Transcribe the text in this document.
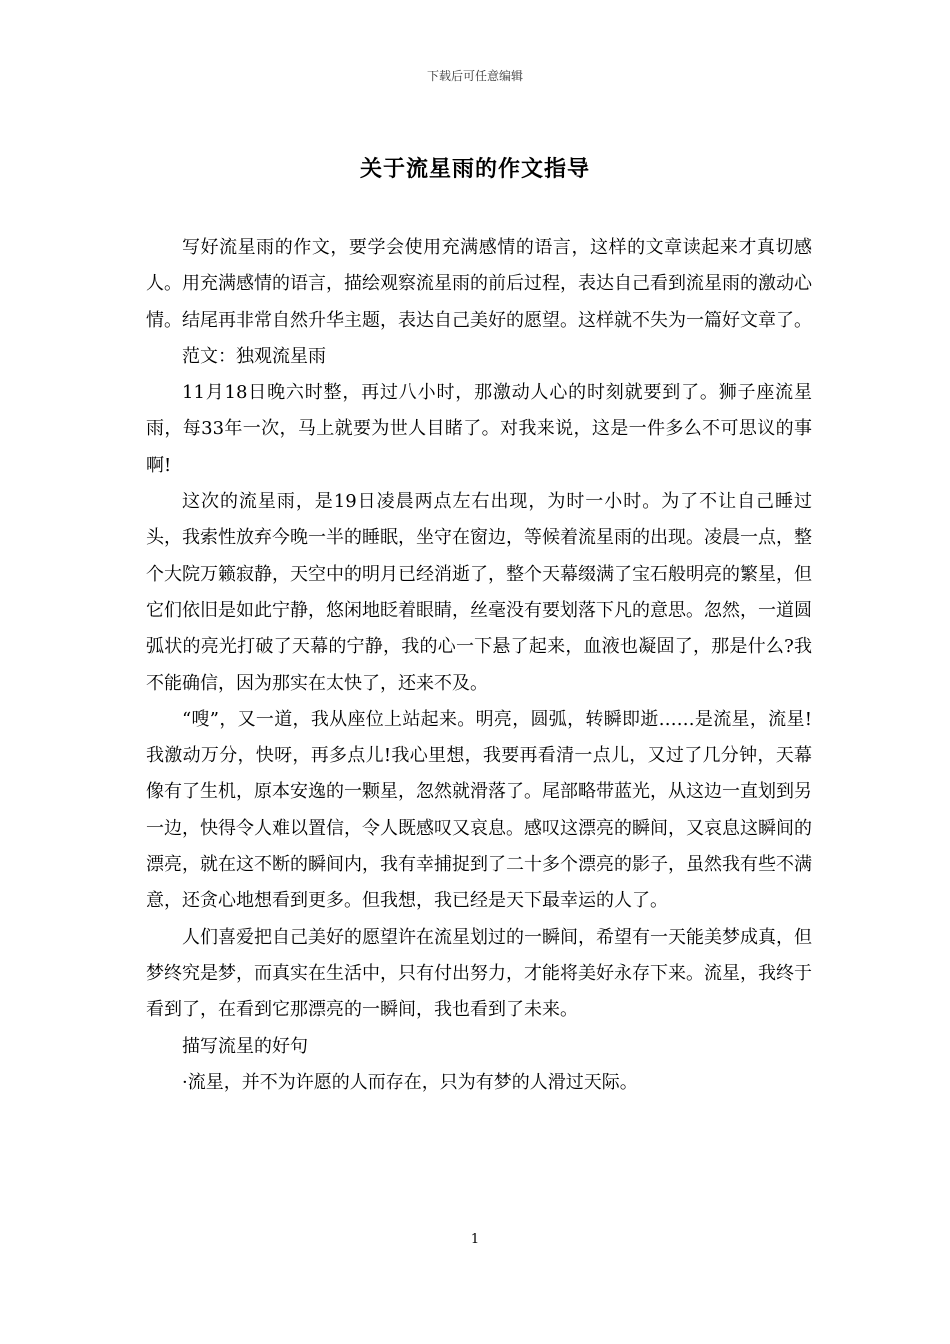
下载后可任意编辑
关于流星雨的作文指导

写好流星雨的作文，要学会使用充满感情的语言，这样的文章读起来才真切感人。用充满感情的语言，描绘观察流星雨的前后过程，表达自己看到流星雨的激动心情。结尾再非常自然升华主题，表达自己美好的愿望。这样就不失为一篇好文章了。

范文：独观流星雨

11月18日晚六时整，再过八小时，那激动人心的时刻就要到了。狮子座流星雨，每33年一次，马上就要为世人目睹了。对我来说，这是一件多么不可思议的事啊!

这次的流星雨，是19日凌晨两点左右出现，为时一小时。为了不让自己睡过头，我索性放弃今晚一半的睡眠，坐守在窗边，等候着流星雨的出现。凌晨一点，整个大院万籁寂静，天空中的明月已经消逝了，整个天幕缀满了宝石般明亮的繁星，但它们依旧是如此宁静，悠闲地眨着眼睛，丝毫没有要划落下凡的意思。忽然，一道圆弧状的亮光打破了天幕的宁静，我的心一下悬了起来，血液也凝固了，那是什么?我不能确信，因为那实在太快了，还来不及。

“嗖”，又一道，我从座位上站起来。明亮，圆弧，转瞬即逝……是流星，流星!我激动万分，快呀，再多点儿!我心里想，我要再看清一点儿，又过了几分钟，天幕像有了生机，原本安逸的一颗星，忽然就滑落了。尾部略带蓝光，从这边一直划到另一边，快得令人难以置信，令人既感叹又哀息。感叹这漂亮的瞬间，又哀息这瞬间的漂亮，就在这不断的瞬间内，我有幸捕捉到了二十多个漂亮的影子，虽然我有些不满意，还贪心地想看到更多。但我想，我已经是天下最幸运的人了。

人们喜爱把自己美好的愿望许在流星划过的一瞬间，希望有一天能美梦成真，但梦终究是梦，而真实在生活中，只有付出努力，才能将美好永存下来。流星，我终于看到了，在看到它那漂亮的一瞬间，我也看到了未来。

描写流星的好句

·流星，并不为许愿的人而存在，只为有梦的人滑过天际。

1
